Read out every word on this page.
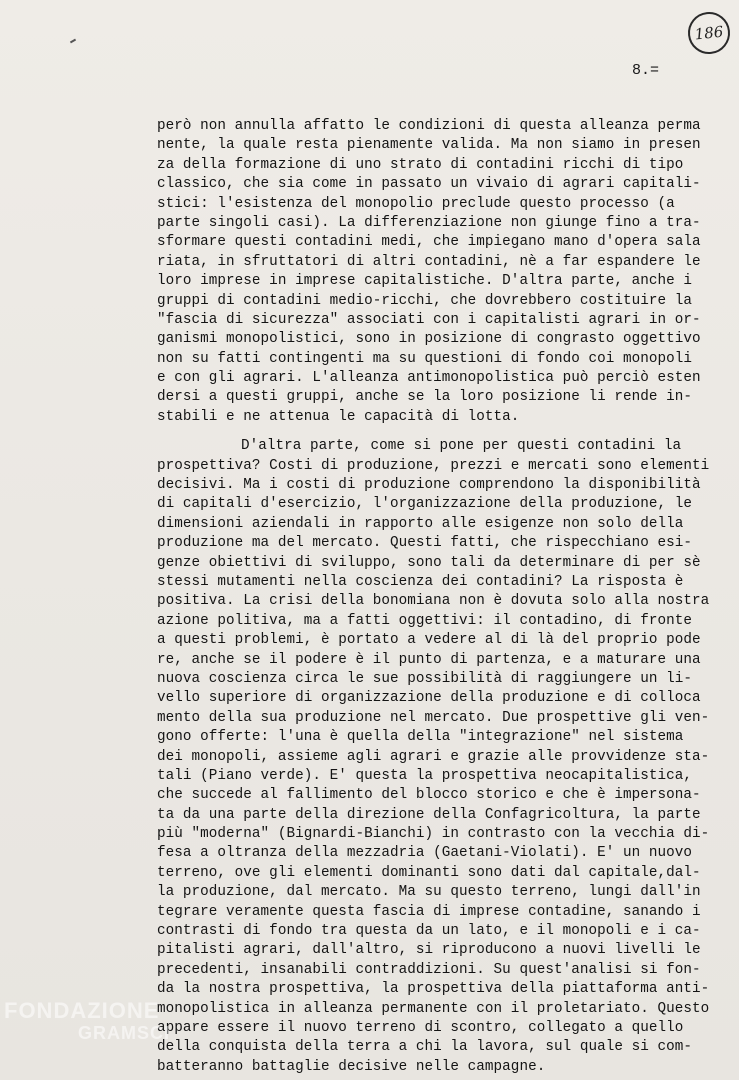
186
8.=
però non annulla affatto le condizioni di questa alleanza perma
nente, la quale resta pienamente valida. Ma non siamo in presen
za della formazione di uno strato di contadini ricchi di tipo
classico, che sia come in passato un vivaio di agrari capitali-
stici: l'esistenza del monopolio preclude questo processo (a
parte singoli casi). La differenziazione non giunge fino a tra-
sformare questi contadini medi, che impiegano mano d'opera sala
riata, in sfruttatori di altri contadini, nè a far espandere le
loro imprese in imprese capitalistiche. D'altra parte, anche i
gruppi di contadini medio-ricchi, che dovrebbero costituire la
"fascia di sicurezza" associati con i capitalisti agrari in or-
ganismi monopolistici, sono in posizione di congrasto oggettivo
non su fatti contingenti ma su questioni di fondo coi monopoli
e con gli agrari. L'alleanza antimonopolistica può perciò esten
dersi a questi gruppi, anche se la loro posizione li rende in-
stabili e ne attenua le capacità di lotta.
D'altra parte, come si pone per questi contadini la
prospettiva? Costi di produzione, prezzi e mercati sono elementi
decisivi. Ma i costi di produzione comprendono la disponibilità
di capitali d'esercizio, l'organizzazione della produzione, le
dimensioni aziendali in rapporto alle esigenze non solo della
produzione ma del mercato. Questi fatti, che rispecchiano esi-
genze obiettivi di sviluppo, sono tali da determinare di per sè
stessi mutamenti nella coscienza dei contadini? La risposta è
positiva. La crisi della bonomiana non è dovuta solo alla nostra
azione politiva, ma a fatti oggettivi: il contadino, di fronte
a questi problemi, è portato a vedere al di là del proprio pode
re, anche se il podere è il punto di partenza, e a maturare una
nuova coscienza circa le sue possibilità di raggiungere un li-
vello superiore di organizzazione della produzione e di colloca
mento della sua produzione nel mercato. Due prospettive gli ven-
gono offerte: l'una è quella della "integrazione" nel sistema
dei monopoli, assieme agli agrari e grazie alle provvidenze sta-
tali (Piano verde). E' questa la prospettiva neocapitalistica,
che succede al fallimento del blocco storico e che è impersona-
ta da una parte della direzione della Confagricoltura, la parte
più "moderna" (Bignardi-Bianchi) in contrasto con la vecchia di-
fesa a oltranza della mezzadria (Gaetani-Violati). E' un nuovo
terreno, ove gli elementi dominanti sono dati dal capitale,dal-
la produzione, dal mercato. Ma su questo terreno, lungi dall'in
tegrare veramente questa fascia di imprese contadine, sanando i
contrasti di fondo tra questa da un lato, e il monopoli e i ca-
pitalisti agrari, dall'altro, si riproducono a nuovi livelli le
precedenti, insanabili contraddizioni. Su quest'analisi si fon-
da la nostra prospettiva, la prospettiva della piattaforma anti-
monopolistica in alleanza permanente con il proletariato. Questo
appare essere il nuovo terreno di scontro, collegato a quello
della conquista della terra a chi la lavora, sul quale si com-
batteranno battaglie decisive nelle campagne.
FONDAZIONE
GRAMSCI
